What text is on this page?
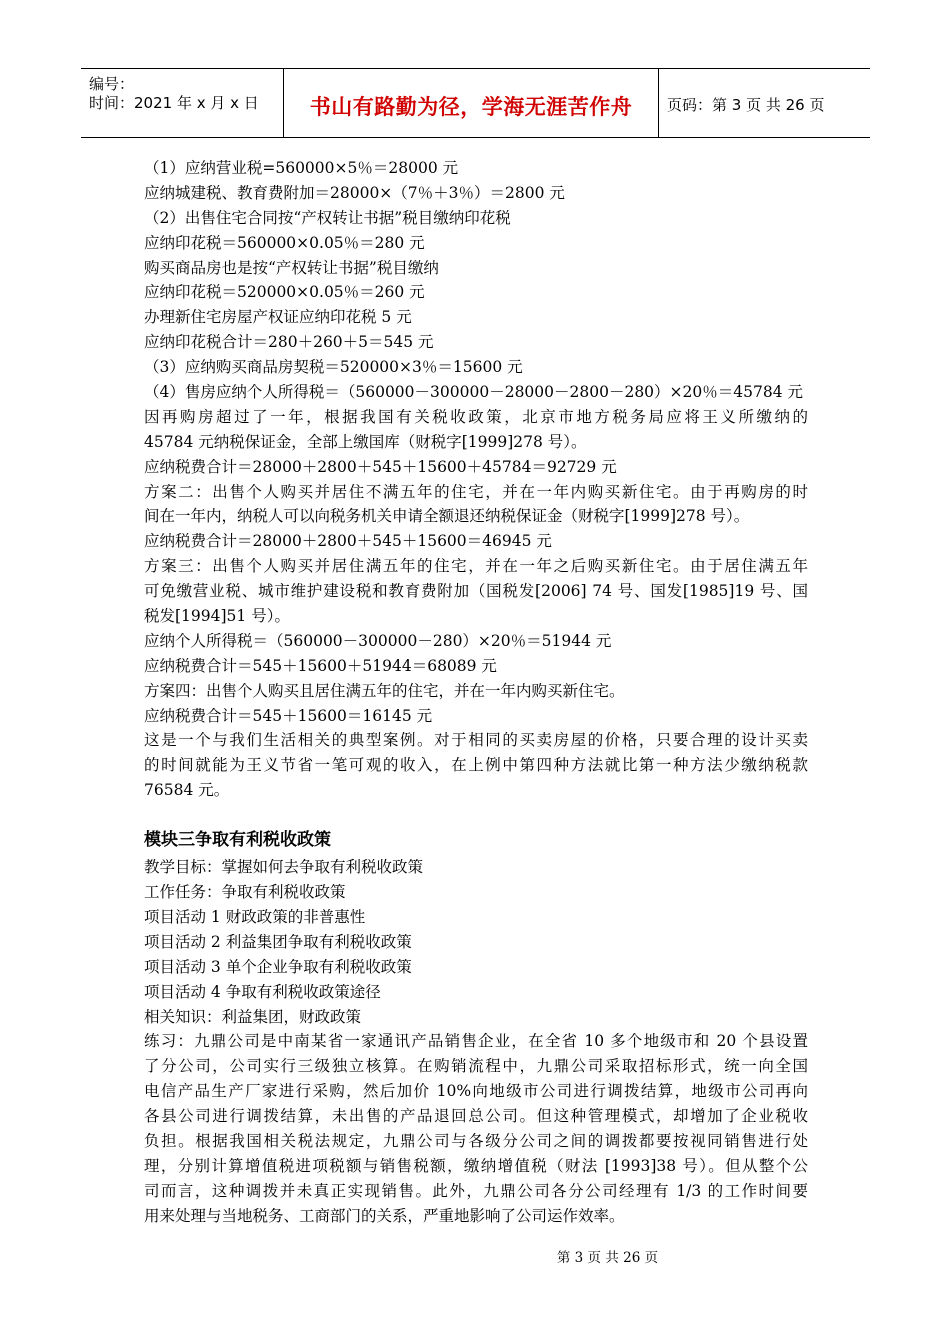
编号：
时间：2021 年 x 月 x 日	书山有路勤为径，学海无涯苦作舟	页码：第 3 页 共 26 页
（1）应纳营业税=560000×5％＝28000 元
应纳城建税、教育费附加＝28000×（7％＋3％）＝2800 元
（2）出售住宅合同按“产权转让书据”税目缴纳印花税
应纳印花税＝560000×0.05％＝280 元
购买商品房也是按“产权转让书据”税目缴纳
应纳印花税＝520000×0.05％＝260 元
办理新住宅房屋产权证应纳印花税 5 元
应纳印花税合计＝280＋260＋5＝545 元
（3）应纳购买商品房契税＝520000×3％＝15600 元
（4）售房应纳个人所得税＝（560000－300000－28000－2800－280）×20％＝45784 元
因再购房超过了一年，根据我国有关税收政策，北京市地方税务局应将王义所缴纳的
45784 元纳税保证金，全部上缴国库（财税字[1999]278 号）。
应纳税费合计＝28000＋2800＋545＋15600＋45784＝92729 元
方案二：出售个人购买并居住不满五年的住宅，并在一年内购买新住宅。由于再购房的时
间在一年内，纳税人可以向税务机关申请全额退还纳税保证金（财税字[1999]278 号）。
应纳税费合计＝28000＋2800＋545＋15600＝46945 元
方案三：出售个人购买并居住满五年的住宅，并在一年之后购买新住宅。由于居住满五年
可免缴营业税、城市维护建设税和教育费附加（国税发[2006] 74 号、国发[1985]19 号、国
税发[1994]51 号）。
应纳个人所得税＝（560000－300000－280）×20％＝51944 元
应纳税费合计＝545＋15600＋51944＝68089 元
方案四：出售个人购买且居住满五年的住宅，并在一年内购买新住宅。
应纳税费合计＝545＋15600＝16145 元
这是一个与我们生活相关的典型案例。对于相同的买卖房屋的价格，只要合理的设计买卖
的时间就能为王义节省一笔可观的收入，在上例中第四种方法就比第一种方法少缴纳税款
76584 元。
模块三争取有利税收政策
教学目标：掌握如何去争取有利税收政策
工作任务：争取有利税收政策
项目活动 1 财政政策的非普惠性
项目活动 2 利益集团争取有利税收政策
项目活动 3 单个企业争取有利税收政策
项目活动 4 争取有利税收政策途径
相关知识：利益集团，财政政策
练习：九鼎公司是中南某省一家通讯产品销售企业，在全省 10 多个地级市和 20 个县设置
了分公司，公司实行三级独立核算。在购销流程中，九鼎公司采取招标形式，统一向全国
电信产品生产厂家进行采购，然后加价 10%向地级市公司进行调拨结算，地级市公司再向
各县公司进行调拨结算，未出售的产品退回总公司。但这种管理模式，却增加了企业税收
负担。根据我国相关税法规定，九鼎公司与各级分公司之间的调拨都要按视同销售进行处
理，分别计算增值税进项税额与销售税额，缴纳增值税（财法 [1993]38 号）。但从整个公
司而言，这种调拨并未真正实现销售。此外，九鼎公司各分公司经理有 1/3 的工作时间要
用来处理与当地税务、工商部门的关系，严重地影响了公司运作效率。
第 3 页 共 26 页
